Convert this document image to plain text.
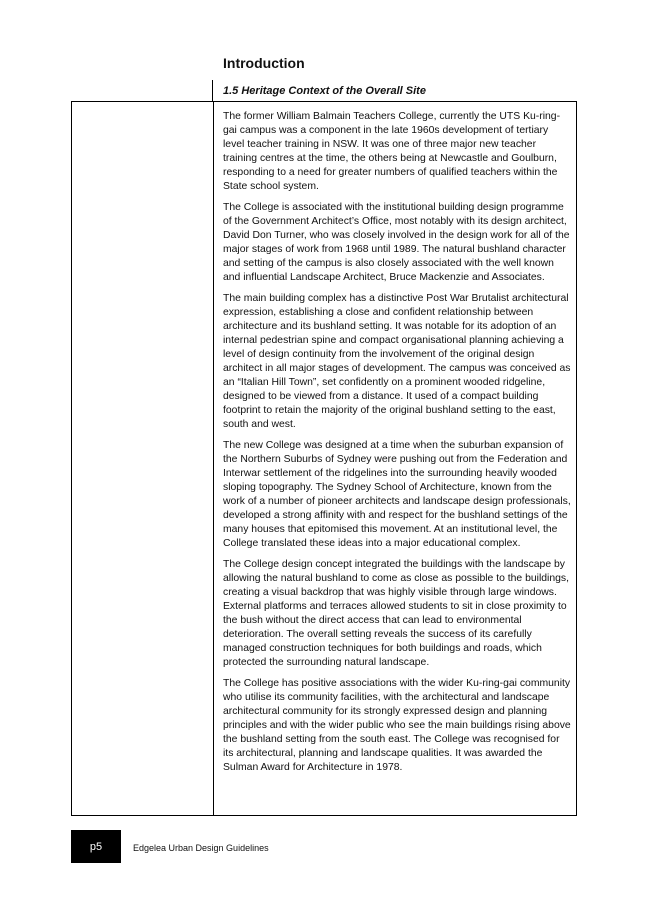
Introduction
1.5 Heritage Context of the Overall Site

The former William Balmain Teachers College, currently the UTS Ku-ring-gai campus was a component in the late 1960s development of tertiary level teacher training in NSW. It was one of three major new teacher training centres at the time, the others being at Newcastle and Goulburn, responding to a need for greater numbers of qualified teachers within the State school system.

The College is associated with the institutional building design programme of the Government Architect’s Office, most notably with its design architect, David Don Turner, who was closely involved in the design work for all of the major stages of work from 1968 until 1989. The natural bushland character and setting of the campus is also closely associated with the well known and influential Landscape Architect, Bruce Mackenzie and Associates.

The main building complex has a distinctive Post War Brutalist architectural expression, establishing a close and confident relationship between architecture and its bushland setting. It was notable for its adoption of an internal pedestrian spine and compact organisational planning achieving a level of design continuity from the involvement of the original design architect in all major stages of development. The campus was conceived as an “Italian Hill Town”, set confidently on a prominent wooded ridgeline, designed to be viewed from a distance. It used of a compact building footprint to retain the majority of the original bushland setting to the east, south and west.

The new College was designed at a time when the suburban expansion of the Northern Suburbs of Sydney were pushing out from the Federation and Interwar settlement of the ridgelines into the surrounding heavily wooded sloping topography. The Sydney School of Architecture, known from the work of a number of pioneer architects and landscape design professionals, developed a strong affinity with and respect for the bushland settings of the many houses that epitomised this movement. At an institutional level, the College translated these ideas into a major educational complex.

The College design concept integrated the buildings with the landscape by allowing the natural bushland to come as close as possible to the buildings, creating a visual backdrop that was highly visible through large windows. External platforms and terraces allowed students to sit in close proximity to the bush without the direct access that can lead to environmental deterioration. The overall setting reveals the success of its carefully managed construction techniques for both buildings and roads, which protected the surrounding natural landscape.

The College has positive associations with the wider Ku-ring-gai community who utilise its community facilities, with the architectural and landscape architectural community for its strongly expressed design and planning principles and with the wider public who see the main buildings rising above the bushland setting from the south east. The College was recognised for its architectural, planning and landscape qualities. It was awarded the Sulman Award for Architecture in 1978.

p5	Edgelea Urban Design Guidelines
